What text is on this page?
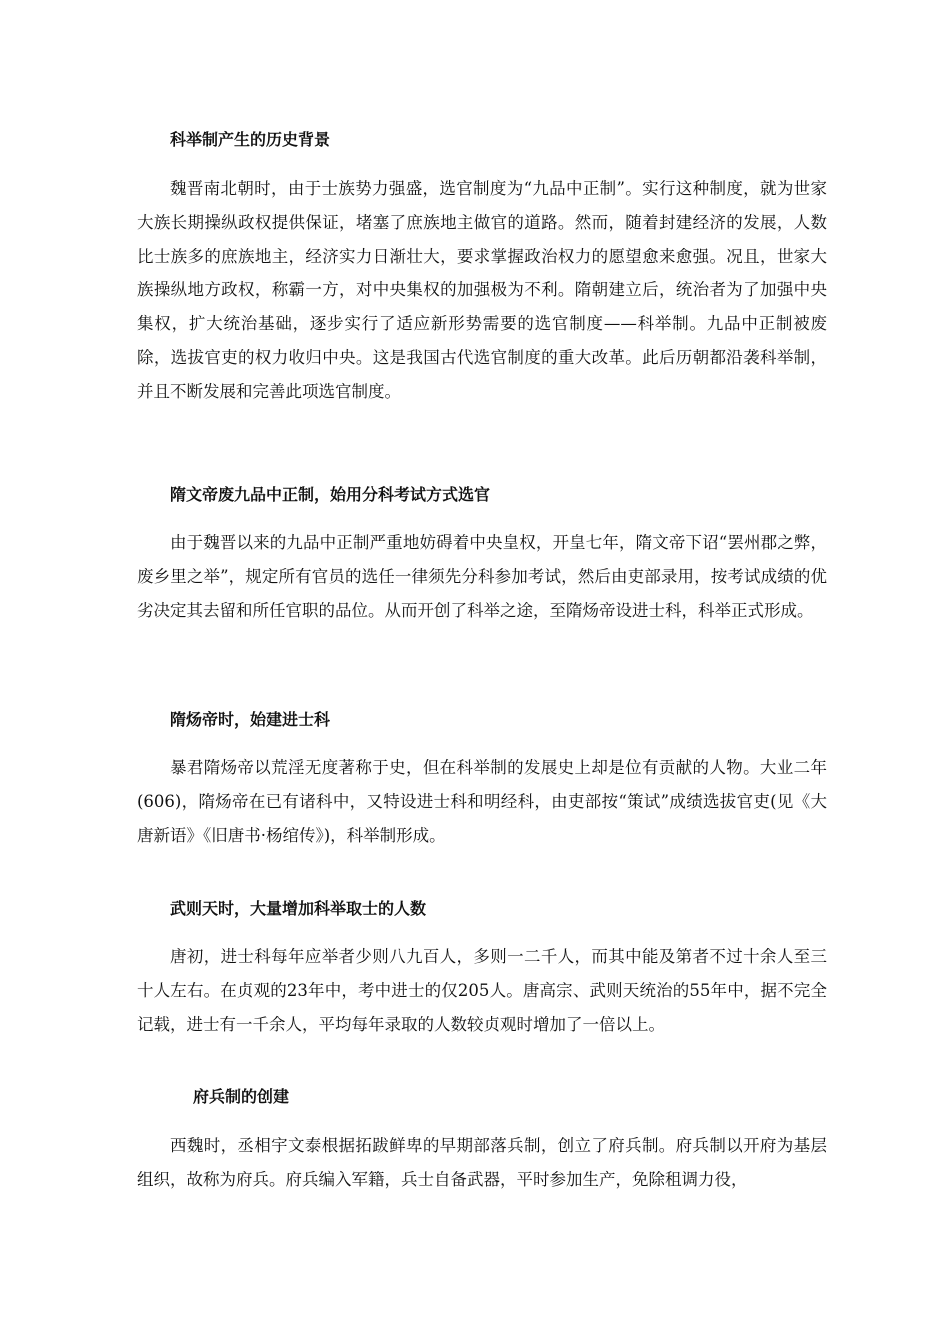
科举制产生的历史背景

魏晋南北朝时，由于士族势力强盛，选官制度为“九品中正制”。实行这种制度，就为世家大族长期操纵政权提供保证，堵塞了庶族地主做官的道路。然而，随着封建经济的发展，人数比士族多的庶族地主，经济实力日渐壮大，要求掌握政治权力的愿望愈来愈强。况且，世家大族操纵地方政权，称霸一方，对中央集权的加强极为不利。隋朝建立后，统治者为了加强中央集权，扩大统治基础，逐步实行了适应新形势需要的选官制度——科举制。九品中正制被废除，选拔官吏的权力收归中央。这是我国古代选官制度的重大改革。此后历朝都沿袭科举制，并且不断发展和完善此项选官制度。

隋文帝废九品中正制，始用分科考试方式选官

由于魏晋以来的九品中正制严重地妨碍着中央皇权，开皇七年，隋文帝下诏“罢州郡之弊，废乡里之举”，规定所有官员的选任一律须先分科参加考试，然后由吏部录用，按考试成绩的优劣决定其去留和所任官职的品位。从而开创了科举之途，至隋炀帝设进士科，科举正式形成。

隋炀帝时，始建进士科

暴君隋炀帝以荒淫无度著称于史，但在科举制的发展史上却是位有贡献的人物。大业二年(606)，隋炀帝在已有诸科中，又特设进士科和明经科，由吏部按“策试”成绩选拔官吏(见《大唐新语》《旧唐书·杨绾传》)，科举制形成。

武则天时，大量增加科举取士的人数

唐初，进士科每年应举者少则八九百人，多则一二千人，而其中能及第者不过十余人至三十人左右。在贞观的23年中，考中进士的仅205人。唐高宗、武则天统治的55年中，据不完全记载，进士有一千余人，平均每年录取的人数较贞观时增加了一倍以上。

府兵制的创建

西魏时，丞相宇文泰根据拓跋鲜卑的早期部落兵制，创立了府兵制。府兵制以开府为基层组织，故称为府兵。府兵编入军籍，兵士自备武器，平时参加生产，免除租调力役，
